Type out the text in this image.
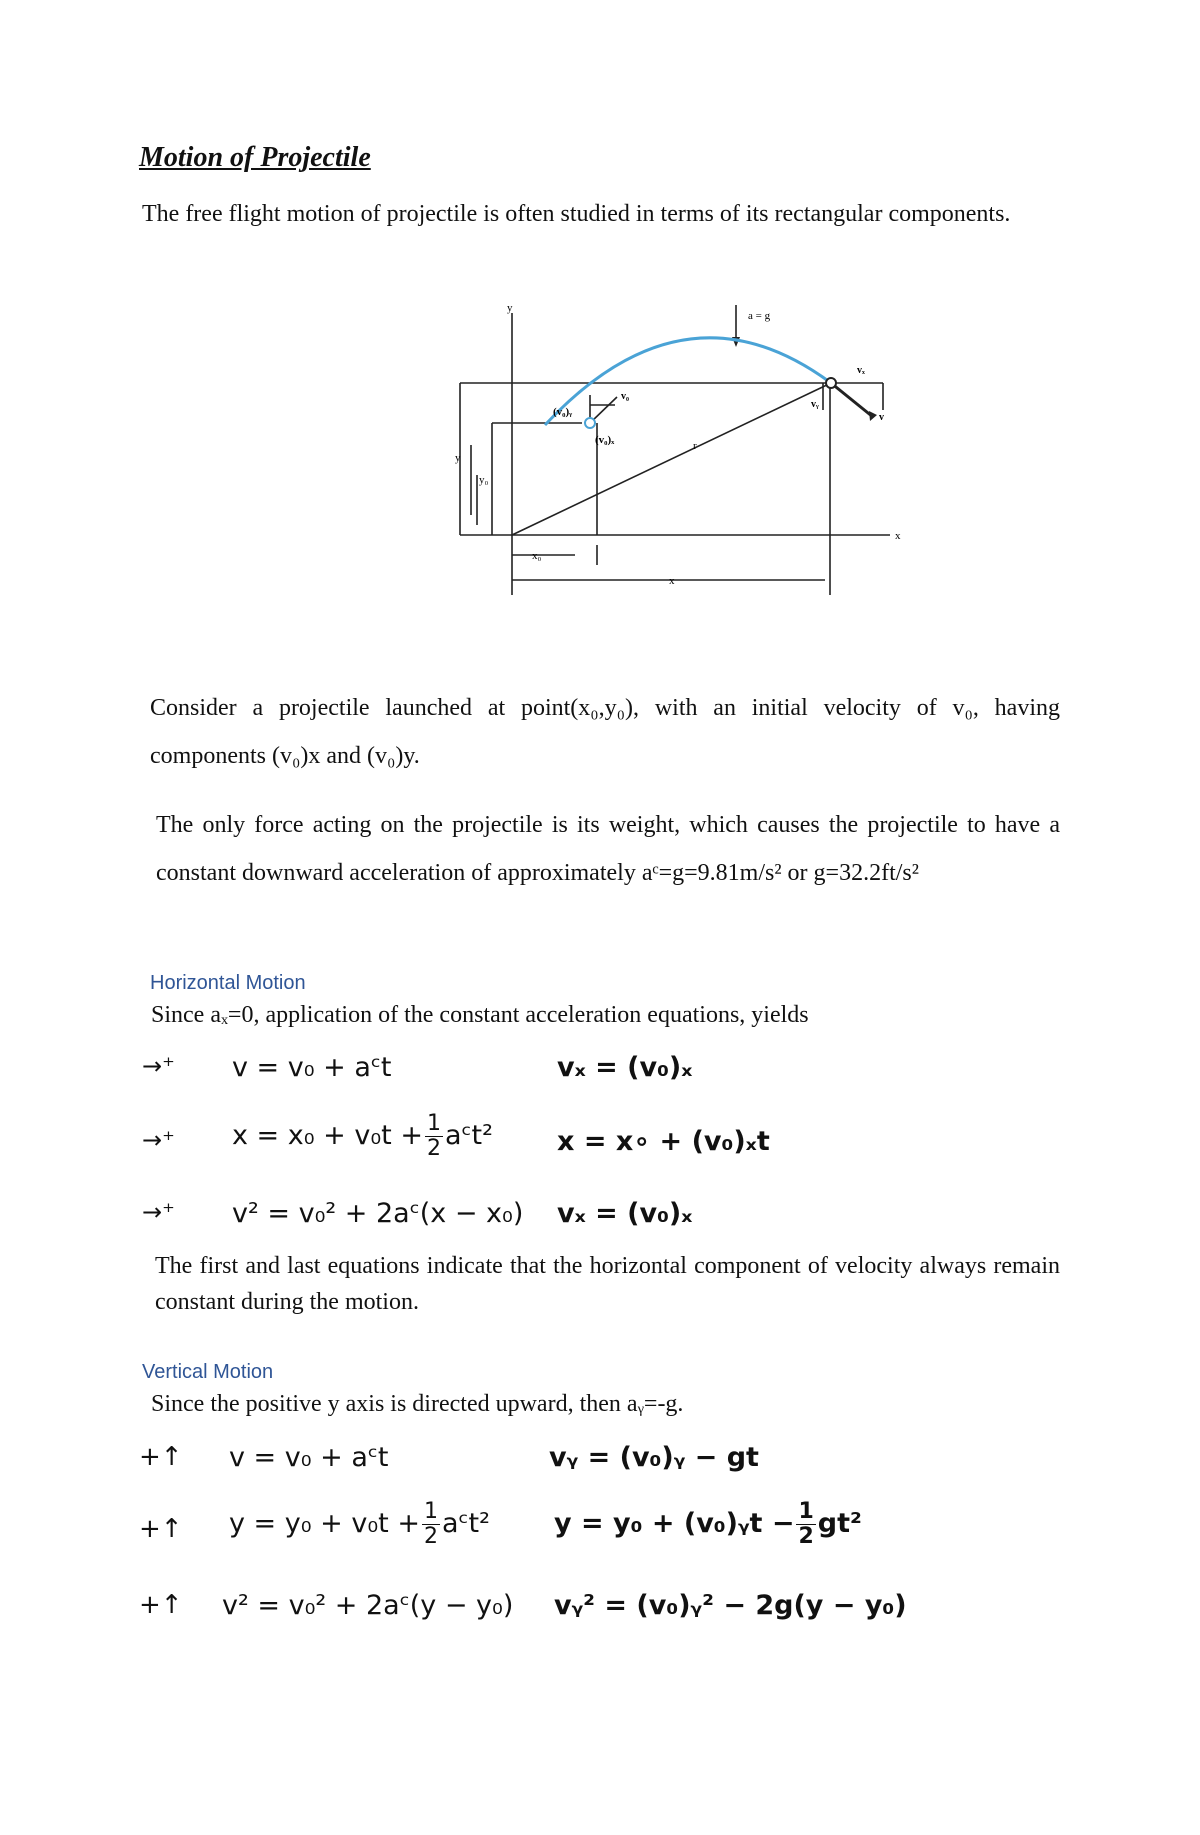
Motion of Projectile
The free flight motion of projectile is often studied in terms of its rectangular components.
a = g
(v₀)ᵧ
(v₀)ₓ
v₀
vₓ
vᵧ
v
r
y
x
y
y₀
x₀
x
Consider a projectile launched at point(x₀,y₀), with an initial velocity of v₀, having components (v₀)x and (v₀)y.
The only force acting on the projectile is its weight, which causes the projectile to have a constant downward acceleration of approximately aᶜ=g=9.81m/s² or g=32.2ft/s²
Horizontal Motion
Since aₓ=0, application of the constant acceleration equations, yields
→⁺ v = v₀ + aᶜt	vₓ = (v₀)ₓ
→⁺ $x = x_0 + v_0t + \frac{1}{2}$ aᶜt² x = x∘ + (v₀)ₓt
→⁺ v² = v₀² + 2aᶜ(x − x₀) vₓ = (v₀)ₓ
The first and last equations indicate that the horizontal component of velocity always remain constant during the motion.
Vertical Motion
Since the positive y axis is directed upward, then aᵧ=-g.
+↑ v = v₀ + aᶜt	vᵧ = (v₀)ᵧ − gt
+↑ $y = y_0 + v_0t + \frac{1}{2}$ aᶜt² y = y₀ + (v₀)ᵧt − $\frac{1}{2} gt^2$
+↑ v² = v₀² + 2aᶜ(y − y₀) vᵧ² = (v₀)ᵧ² − 2g(y − y₀)
